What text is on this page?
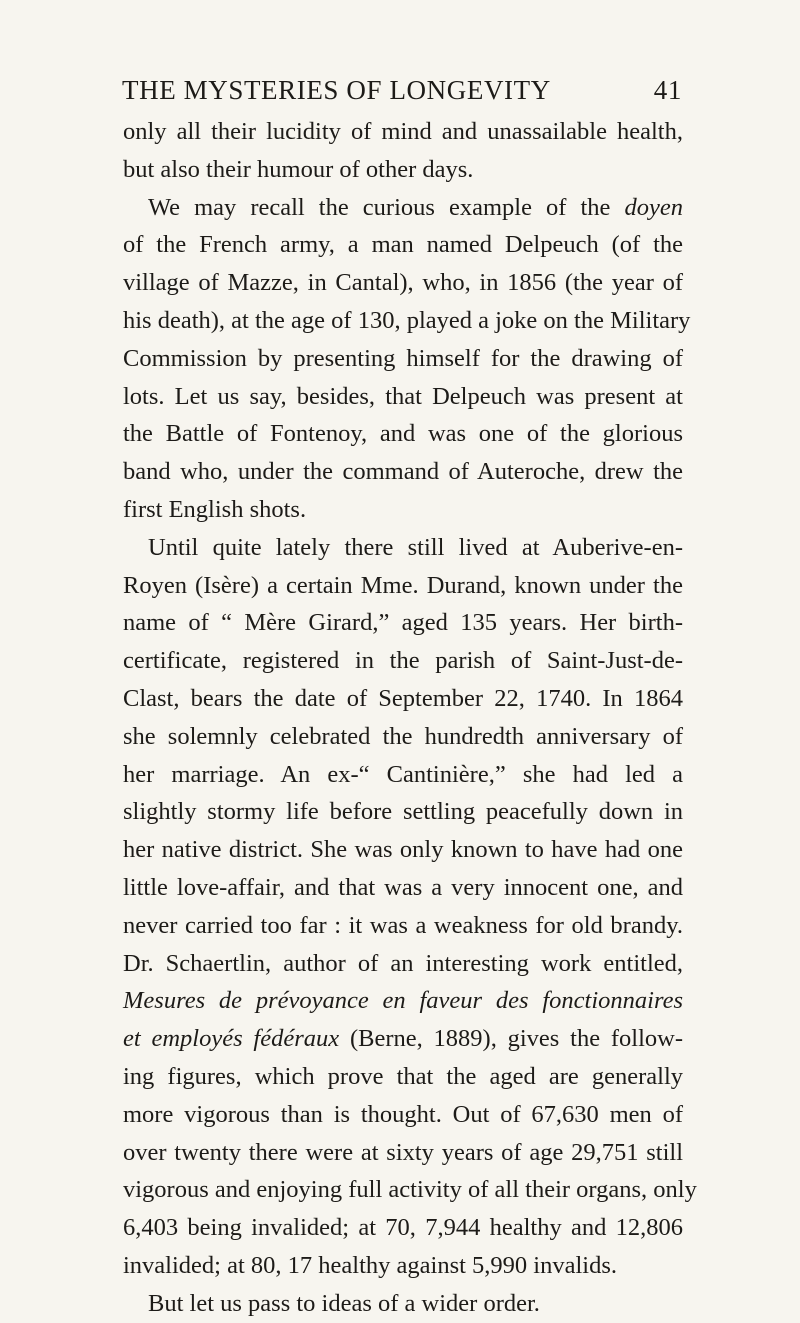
THE MYSTERIES OF LONGEVITY	41
only all their lucidity of mind and unassailable health,
but also their humour of other days.
We may recall the curious example of the doyen
of the French army, a man named Delpeuch (of the
village of Mazze, in Cantal), who, in 1856 (the year of
his death), at the age of 130, played a joke on the Military
Commission by presenting himself for the drawing of
lots. Let us say, besides, that Delpeuch was present at
the Battle of Fontenoy, and was one of the glorious
band who, under the command of Auteroche, drew the
first English shots.
Until quite lately there still lived at Auberive-en-
Royen (Isère) a certain Mme. Durand, known under the
name of “ Mère Girard,” aged 135 years. Her birth-
certificate, registered in the parish of Saint-Just-de-
Clast, bears the date of September 22, 1740. In 1864
she solemnly celebrated the hundredth anniversary of
her marriage. An ex-“ Cantinière,” she had led a
slightly stormy life before settling peacefully down in
her native district. She was only known to have had one
little love-affair, and that was a very innocent one, and
never carried too far : it was a weakness for old brandy.
Dr. Schaertlin, author of an interesting work entitled,
Mesures de prévoyance en faveur des fonctionnaires
et employés fédéraux (Berne, 1889), gives the follow-
ing figures, which prove that the aged are generally
more vigorous than is thought. Out of 67,630 men of
over twenty there were at sixty years of age 29,751 still
vigorous and enjoying full activity of all their organs, only
6,403 being invalided; at 70, 7,944 healthy and 12,806
invalided; at 80, 17 healthy against 5,990 invalids.
But let us pass to ideas of a wider order.
